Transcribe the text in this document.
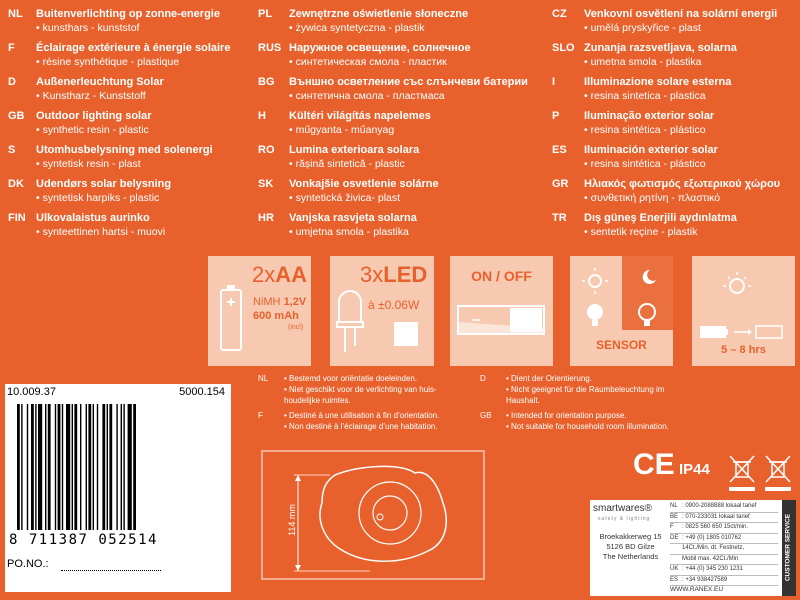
NL Buitenverlichting op zonne-energie
• kunsthars - kunststof
F Éclairage extérieure à énergie solaire
• résine synthétique - plastique
D Außenerleuchtung Solar
• Kunstharz - Kunststoff
GB Outdoor lighting solar
• synthetic resin - plastic
S Utomhusbelysning med solenergi
• syntetisk resin - plast
DK Udendørs solar belysning
• syntetisk harpiks - plastic
FIN Ulkovalaistus aurinko
• synteettinen hartsi - muovi
PL Zewnętrzne oświetlenie słoneczne
• żywica syntetyczna - plastik
RUS Наружное освещение, солнечное
• синтетическая смола - пластик
BG Външно осветление със слънчеви батерии
• синтетична смола - пластмаса
H Kültéri világítás napelemes
• műgyanta - műanyag
RO Lumina exterioara solara
• rășină sintetică - plastic
SK Vonkajšie osvetlenie solárne
• syntetická živica- plast
HR Vanjska rasvjeta solarna
• umjetna smola - plastika
CZ Venkovní osvětlení na solární energii
• umělá pryskyřice - plast
SLO Zunanja razsvetljava, solarna
• umetna smola - plastika
I	Illuminazione solare esterna
• resina sintetica - plastica
P Iluminação exterior solar
• resina sintética - plástico
ES Iluminación exterior solar
• resina sintética - plástico
GR Ηλιακός φωτισμός εξωτερικού χώρου
• συνθετική ρητίνη - πλαστικό
TR Dış güneş Enerjili aydınlatma
• sentetik reçine - plastik
2xAA
NiMH 1,2V
600 mAh
(incl)
3xLED
à ±0.06W
ON / OFF
SENSOR	5 – 8 hrs
NL • Bestemd voor oriëntatie doeleinden.
• Niet geschikt voor de verlichting van huis-
houdelijke ruimtes.
F	• Destiné à une utilisation à fin d’orientation.
• Non destiné à l’éclairage d’une habitation.
D	• Dient der Orientierung.
• Nicht geeignet für die Raumbeleuchtung im
Haushalt.
GB • Intended for orientation purpose.
• Not suitable for household room illumination.
114 mm
10.009.37	5000.154
8 711387 052514
PO.NO.:
CE IP44
smartwares®
safety & lighting
Broekakkerweg 15
5126 BD Gilze
The Netherlands
WWW.RANEX.EU
NL : 0900-2088888 lokaal tarief
BE : 070-233031 lokaal tarief
F	: 0825 560 650 15ct/min.
DE : +49 (0) 1805 010762
14Ct./Min. dt. Festnetz,
Mobil max. 42Ct./Min
UK : +44 (0) 345 230 1231
ES : +34 938427589	CUSTOMER SERVICE
